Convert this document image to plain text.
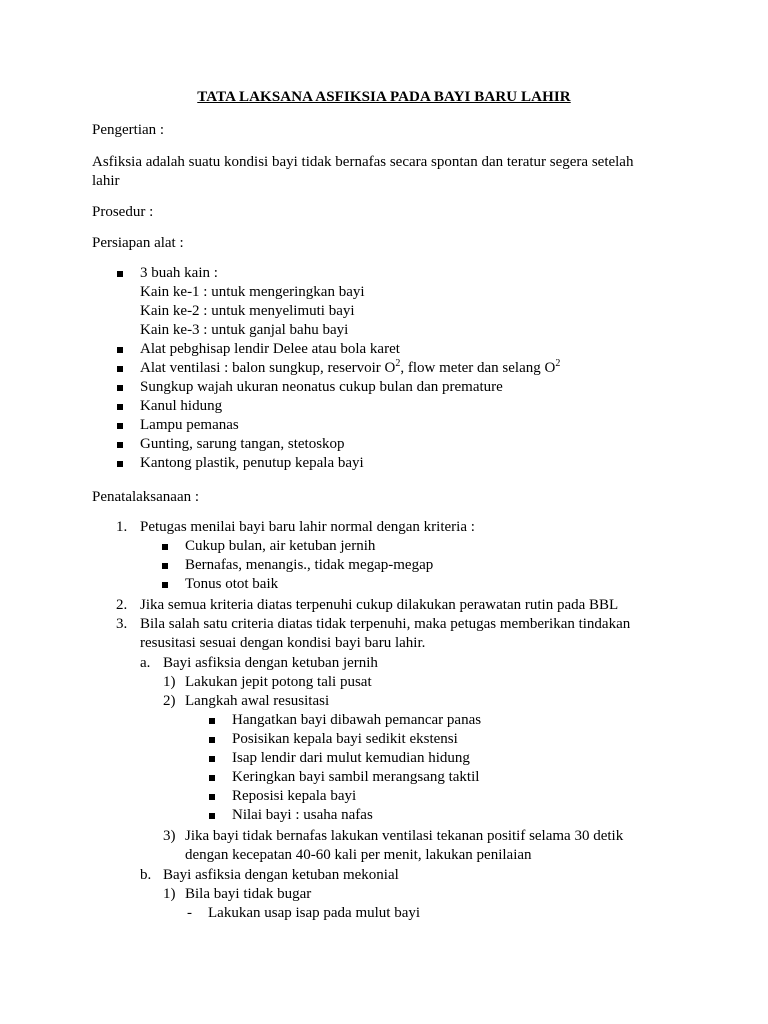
TATA LAKSANA ASFIKSIA PADA BAYI BARU LAHIR
Pengertian :
Asfiksia adalah suatu kondisi bayi tidak bernafas secara spontan dan teratur segera setelah
lahir
Prosedur :
Persiapan alat :
3 buah kain :
Kain ke-1 : untuk mengeringkan bayi
Kain ke-2 : untuk menyelimuti bayi
Kain ke-3 : untuk ganjal bahu bayi
Alat pebghisap lendir Delee atau bola karet
Alat ventilasi : balon sungkup, reservoir $O^2$, flow meter dan selang $O^2$
Sungkup wajah ukuran neonatus cukup bulan dan premature
Kanul hidung
Lampu pemanas
Gunting, sarung tangan, stetoskop
Kantong plastik, penutup kepala bayi
Penatalaksanaan :
1. Petugas menilai bayi baru lahir normal dengan kriteria :
Cukup bulan, air ketuban jernih
Bernafas, menangis., tidak megap-megap
Tonus otot baik
2. Jika semua kriteria diatas terpenuhi cukup dilakukan perawatan rutin pada BBL
3. Bila salah satu criteria diatas tidak terpenuhi, maka petugas memberikan tindakan
resusitasi sesuai dengan kondisi bayi baru lahir.
a. Bayi asfiksia dengan ketuban jernih
1) Lakukan jepit potong tali pusat
2) Langkah awal resusitasi
Hangatkan bayi dibawah pemancar panas
Posisikan kepala bayi sedikit ekstensi
Isap lendir dari mulut kemudian hidung
Keringkan bayi sambil merangsang taktil
Reposisi kepala bayi
Nilai bayi : usaha nafas
3) Jika bayi tidak bernafas lakukan ventilasi tekanan positif selama 30 detik
dengan kecepatan 40-60 kali per menit, lakukan penilaian
b. Bayi asfiksia dengan ketuban mekonial
1) Bila bayi tidak bugar
- Lakukan usap isap pada mulut bayi
